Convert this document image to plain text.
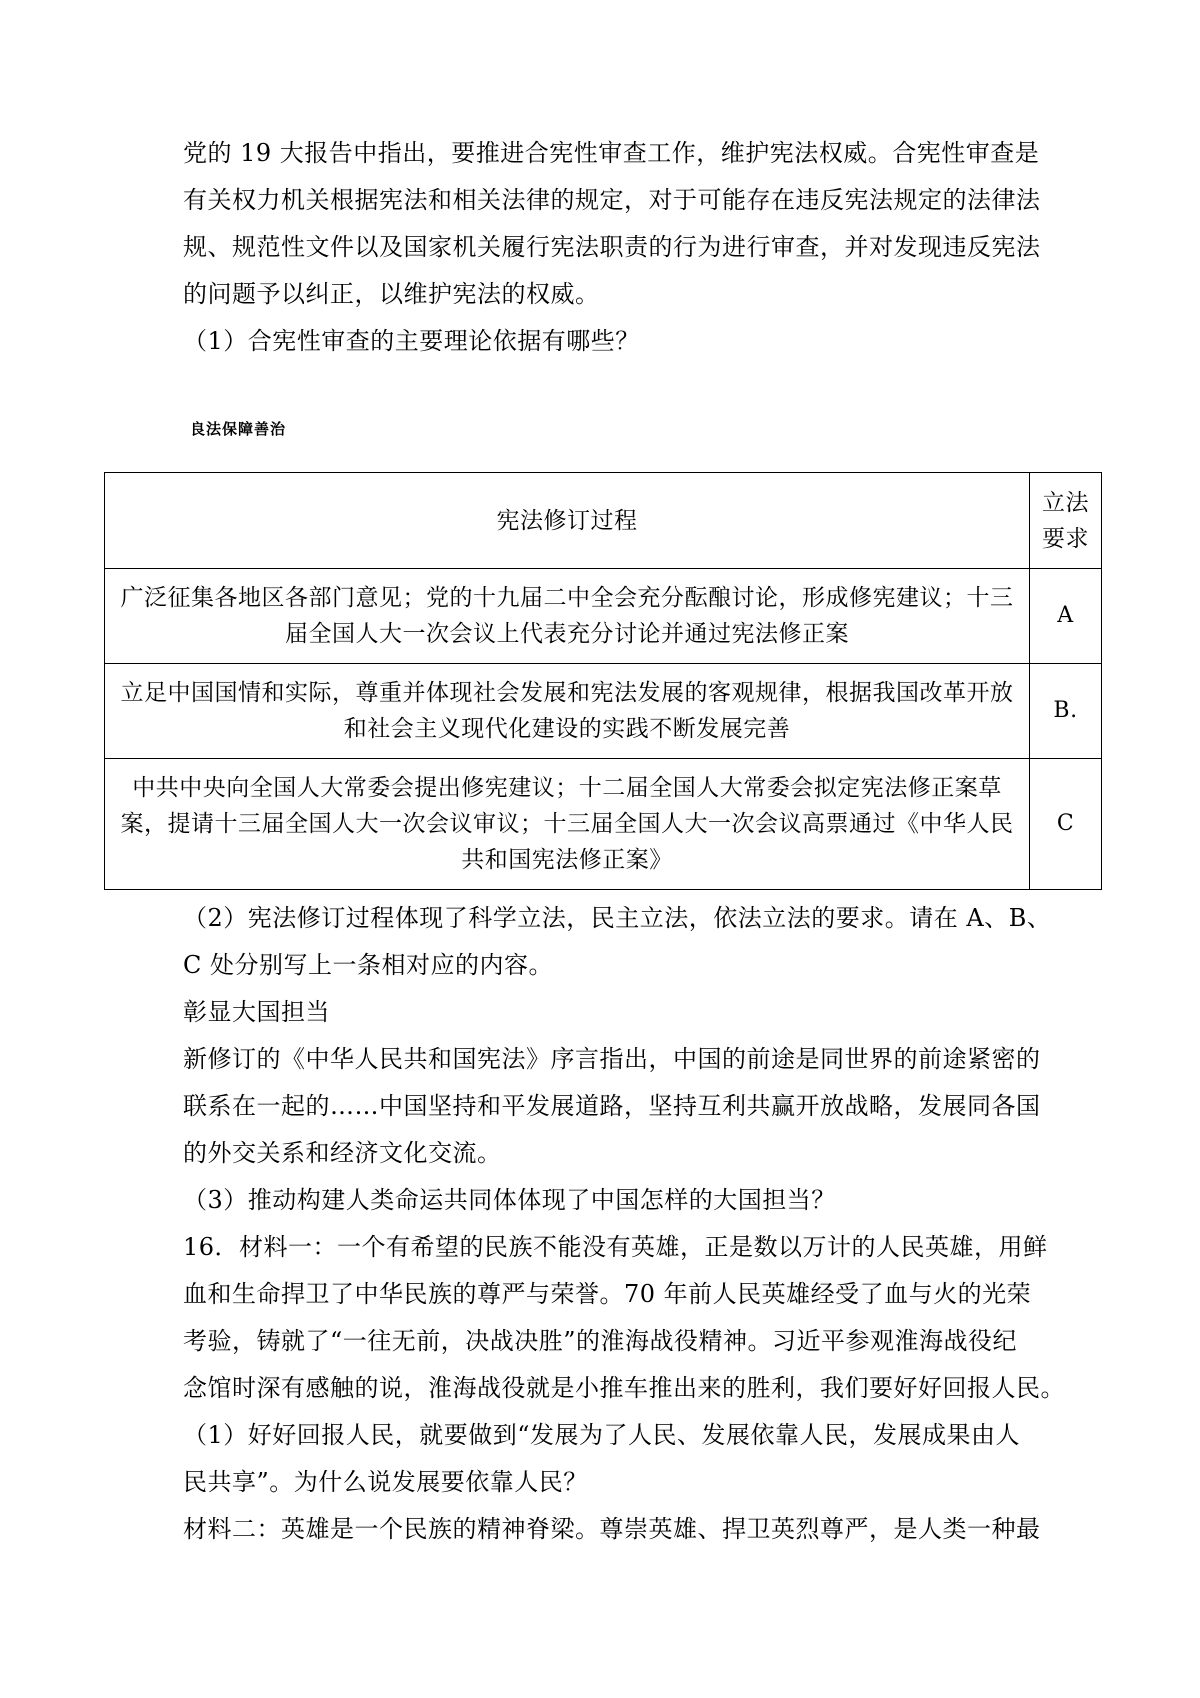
党的 19 大报告中指出，要推进合宪性审查工作，维护宪法权威。合宪性审查是
有关权力机关根据宪法和相关法律的规定，对于可能存在违反宪法规定的法律法
规、规范性文件以及国家机关履行宪法职责的行为进行审查，并对发现违反宪法
的问题予以纠正，以维护宪法的权威。
（1）合宪性审查的主要理论依据有哪些？
良法保障善治
宪法修订过程	立法
要求

广泛征集各地区各部门意见；党的十九届二中全会充分酝酿讨论，形成修宪建议；十三
届全国人大一次会议上代表充分讨论并通过宪法修正案	A

立足中国国情和实际，尊重并体现社会发展和宪法发展的客观规律，根据我国改革开放
和社会主义现代化建设的实践不断发展完善	B.

中共中央向全国人大常委会提出修宪建议；十二届全国人大常委会拟定宪法修正案草
案，提请十三届全国人大一次会议审议；十三届全国人大一次会议高票通过《中华人民
共和国宪法修正案》	C
（2）宪法修订过程体现了科学立法，民主立法，依法立法的要求。请在 A、B、
C 处分别写上一条相对应的内容。
彰显大国担当
新修订的《中华人民共和国宪法》序言指出，中国的前途是同世界的前途紧密的
联系在一起的……中国坚持和平发展道路，坚持互利共赢开放战略，发展同各国
的外交关系和经济文化交流。
（3）推动构建人类命运共同体体现了中国怎样的大国担当？
16．材料一：一个有希望的民族不能没有英雄，正是数以万计的人民英雄，用鲜
血和生命捍卫了中华民族的尊严与荣誉。70 年前人民英雄经受了血与火的光荣
考验，铸就了“一往无前，决战决胜”的淮海战役精神。习近平参观淮海战役纪
念馆时深有感触的说，淮海战役就是小推车推出来的胜利，我们要好好回报人民。
（1）好好回报人民，就要做到“发展为了人民、发展依靠人民，发展成果由人
民共享”。为什么说发展要依靠人民？
材料二：英雄是一个民族的精神脊梁。尊崇英雄、捍卫英烈尊严，是人类一种最
